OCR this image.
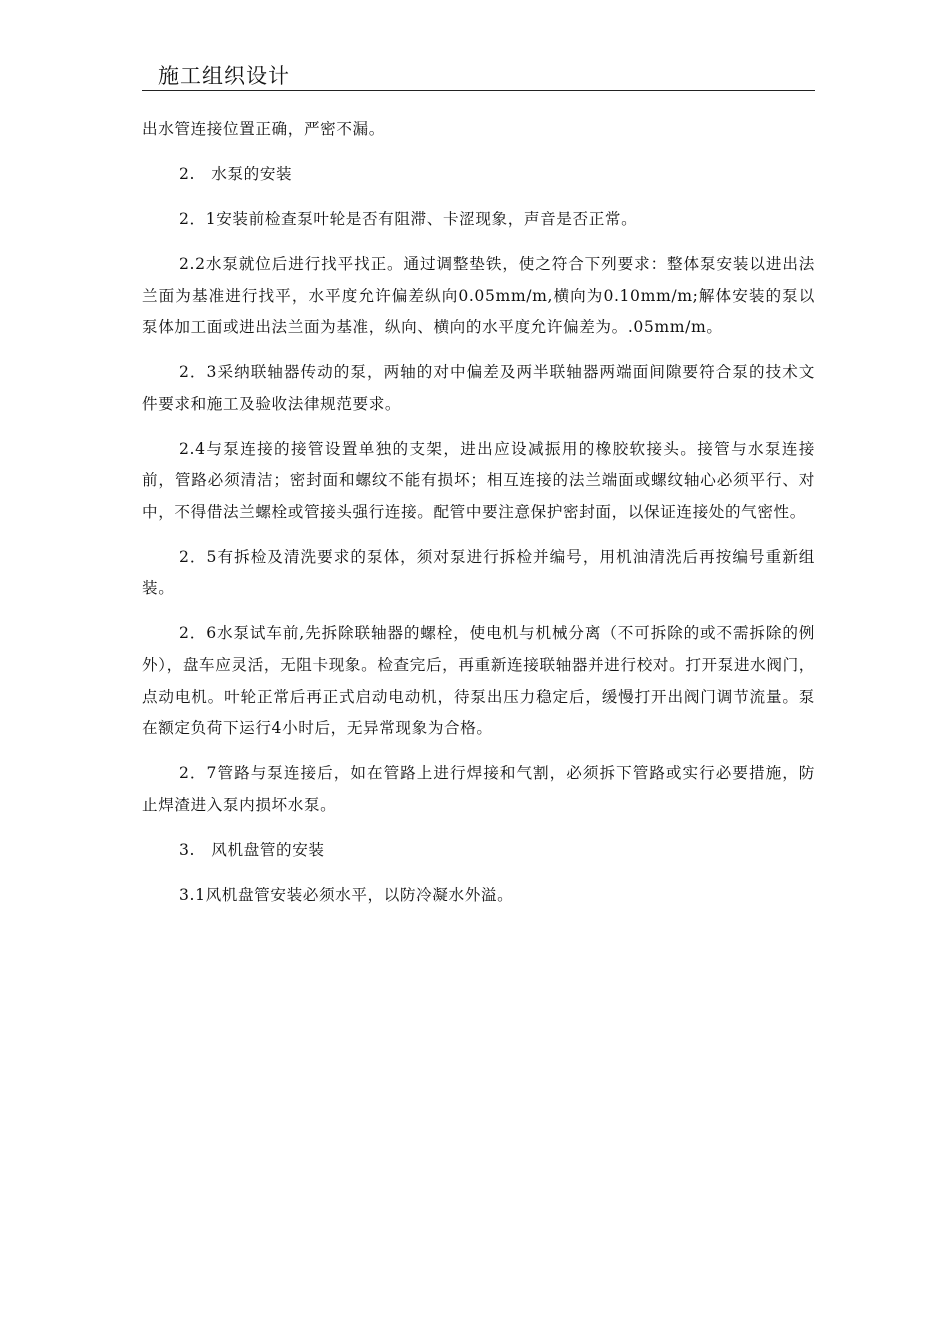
施工组织设计

出水管连接位置正确，严密不漏。

2.　水泵的安装

2．1安装前检查泵叶轮是否有阻滞、卡涩现象，声音是否正常。

2.2水泵就位后进行找平找正。通过调整垫铁，使之符合下列要求：整体泵安装以进出法兰面为基准进行找平，水平度允许偏差纵向0.05mm/m,横向为0.10mm/m;解体安装的泵以泵体加工面或进出法兰面为基准，纵向、横向的水平度允许偏差为。.05mm/m。

2．3采纳联轴器传动的泵，两轴的对中偏差及两半联轴器两端面间隙要符合泵的技术文件要求和施工及验收法律规范要求。

2.4与泵连接的接管设置单独的支架，进出应设减振用的橡胶软接头。接管与水泵连接前，管路必须清洁；密封面和螺纹不能有损坏；相互连接的法兰端面或螺纹轴心必须平行、对中，不得借法兰螺栓或管接头强行连接。配管中要注意保护密封面，以保证连接处的气密性。

2．5有拆检及清洗要求的泵体，须对泵进行拆检并编号，用机油清洗后再按编号重新组装。

2．6水泵试车前,先拆除联轴器的螺栓，使电机与机械分离（不可拆除的或不需拆除的例外），盘车应灵活，无阻卡现象。检查完后，再重新连接联轴器并进行校对。打开泵进水阀门，点动电机。叶轮正常后再正式启动电动机，待泵出压力稳定后，缓慢打开出阀门调节流量。泵在额定负荷下运行4小时后，无异常现象为合格。

2．7管路与泵连接后，如在管路上进行焊接和气割，必须拆下管路或实行必要措施，防止焊渣进入泵内损坏水泵。

3.　风机盘管的安装

3.1风机盘管安装必须水平，以防冷凝水外溢。
